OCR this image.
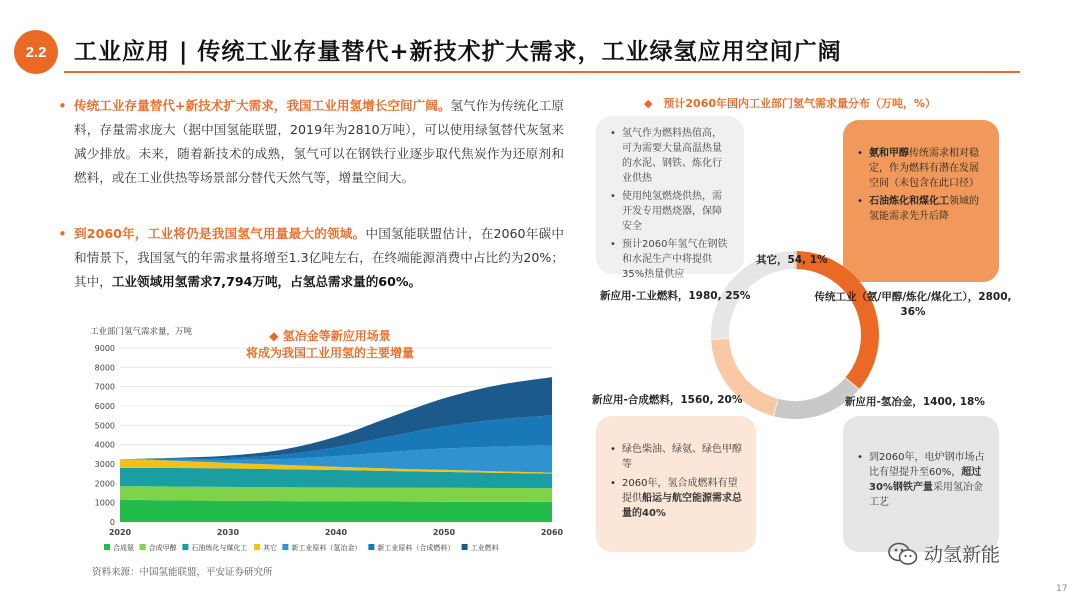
2.2	工业应用 | 传统工业存量替代+新技术扩大需求，工业绿氢应用空间广阔
• 传统工业存量替代+新技术扩大需求，我国工业用氢增长空间广阔。氢气作为传统化工原料，存量需求庞大（据中国氢能联盟，2019年为2810万吨），可以使用绿氢替代灰氢来减少排放。未来，随着新技术的成熟，氢气可以在钢铁行业逐步取代焦炭作为还原剂和燃料，或在工业供热等场景部分替代天然气等，增量空间大。
• 到2060年，工业将仍是我国氢气用量最大的领域。中国氢能联盟估计，在2060年碳中和情景下，我国氢气的年需求量将增至1.3亿吨左右，在终端能源消费中占比约为20%；其中，工业领域用氢需求7,794万吨，占氢总需求量的60%。
工业部门氢气需求量，万吨
9000
8000
7000
6000
5000
4000
3000
2000
1000
0
2020	2030	2040	2050	2060
合成氨 合成甲醇 石油炼化与煤化工 其它 新工业原料（氢冶金） 新工业原料（合成燃料） 工业燃料
◆ 氢冶金等新应用场景
将成为我国工业用氢的主要增量
资料来源：中国氢能联盟，平安证券研究所
◆　 预计2060年国内工业部门氢气需求量分布（万吨，%）
• 氢气作为燃料热值高，可为需要大量高温热量的水泥、钢铁、炼化行业供热
• 使用纯氢燃烧供热，需开发专用燃烧器，保障安全
• 预计2060年氢气在钢铁和水泥生产中将提供35%热量供应
• 氨和甲醇传统需求相对稳定，作为燃料有潜在发展空间（未包含在此口径）
• 石油炼化和煤化工领域的氢能需求先升后降
• 绿色柴油、绿氨、绿色甲醇等
• 2060年，氢合成燃料有望提供船运与航空能源需求总量的40%
• 到2060年，电炉钢市场占比有望提升至60%，超过30%钢铁产量采用氢冶金工艺
其它，54, 1%
新应用-工业燃料，1980, 25%	传统工业（氨/甲醇/炼化/煤化工），2800, 36%
新应用-合成燃料，1560, 20%	新应用-氢冶金，1400, 18%
动氢新能
17
